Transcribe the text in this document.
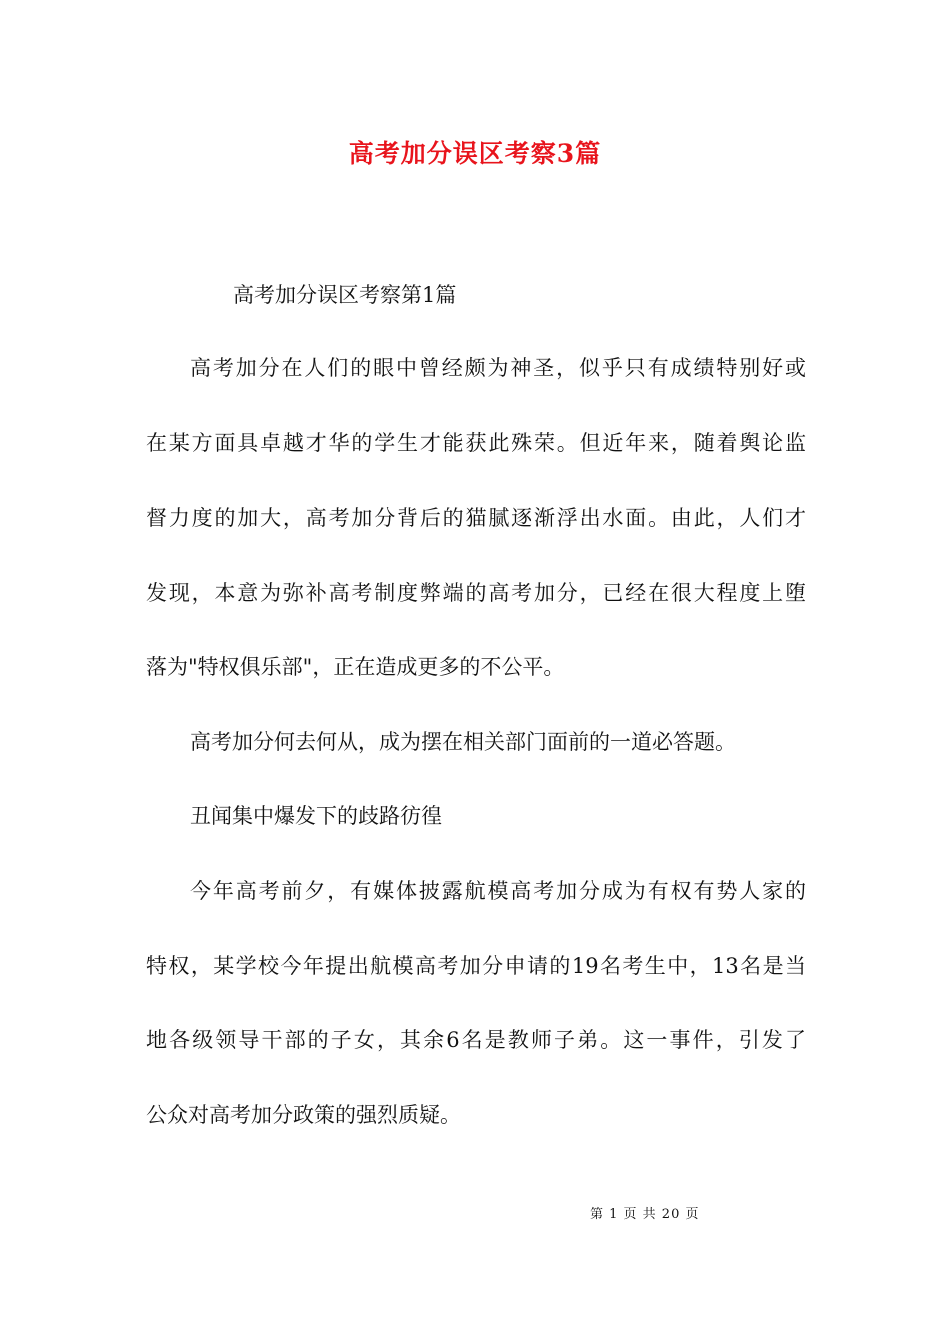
高考加分误区考察3篇
高考加分误区考察第1篇
高考加分在人们的眼中曾经颇为神圣，似乎只有成绩特别好或
在某方面具卓越才华的学生才能获此殊荣。但近年来，随着舆论监
督力度的加大，高考加分背后的猫腻逐渐浮出水面。由此，人们才
发现，本意为弥补高考制度弊端的高考加分，已经在很大程度上堕
落为"特权俱乐部"，正在造成更多的不公平。
高考加分何去何从，成为摆在相关部门面前的一道必答题。
丑闻集中爆发下的歧路彷徨
今年高考前夕，有媒体披露航模高考加分成为有权有势人家的
特权，某学校今年提出航模高考加分申请的19名考生中，13名是当
地各级领导干部的子女，其余6名是教师子弟。这一事件，引发了
公众对高考加分政策的强烈质疑。
第 1 页 共 20 页
